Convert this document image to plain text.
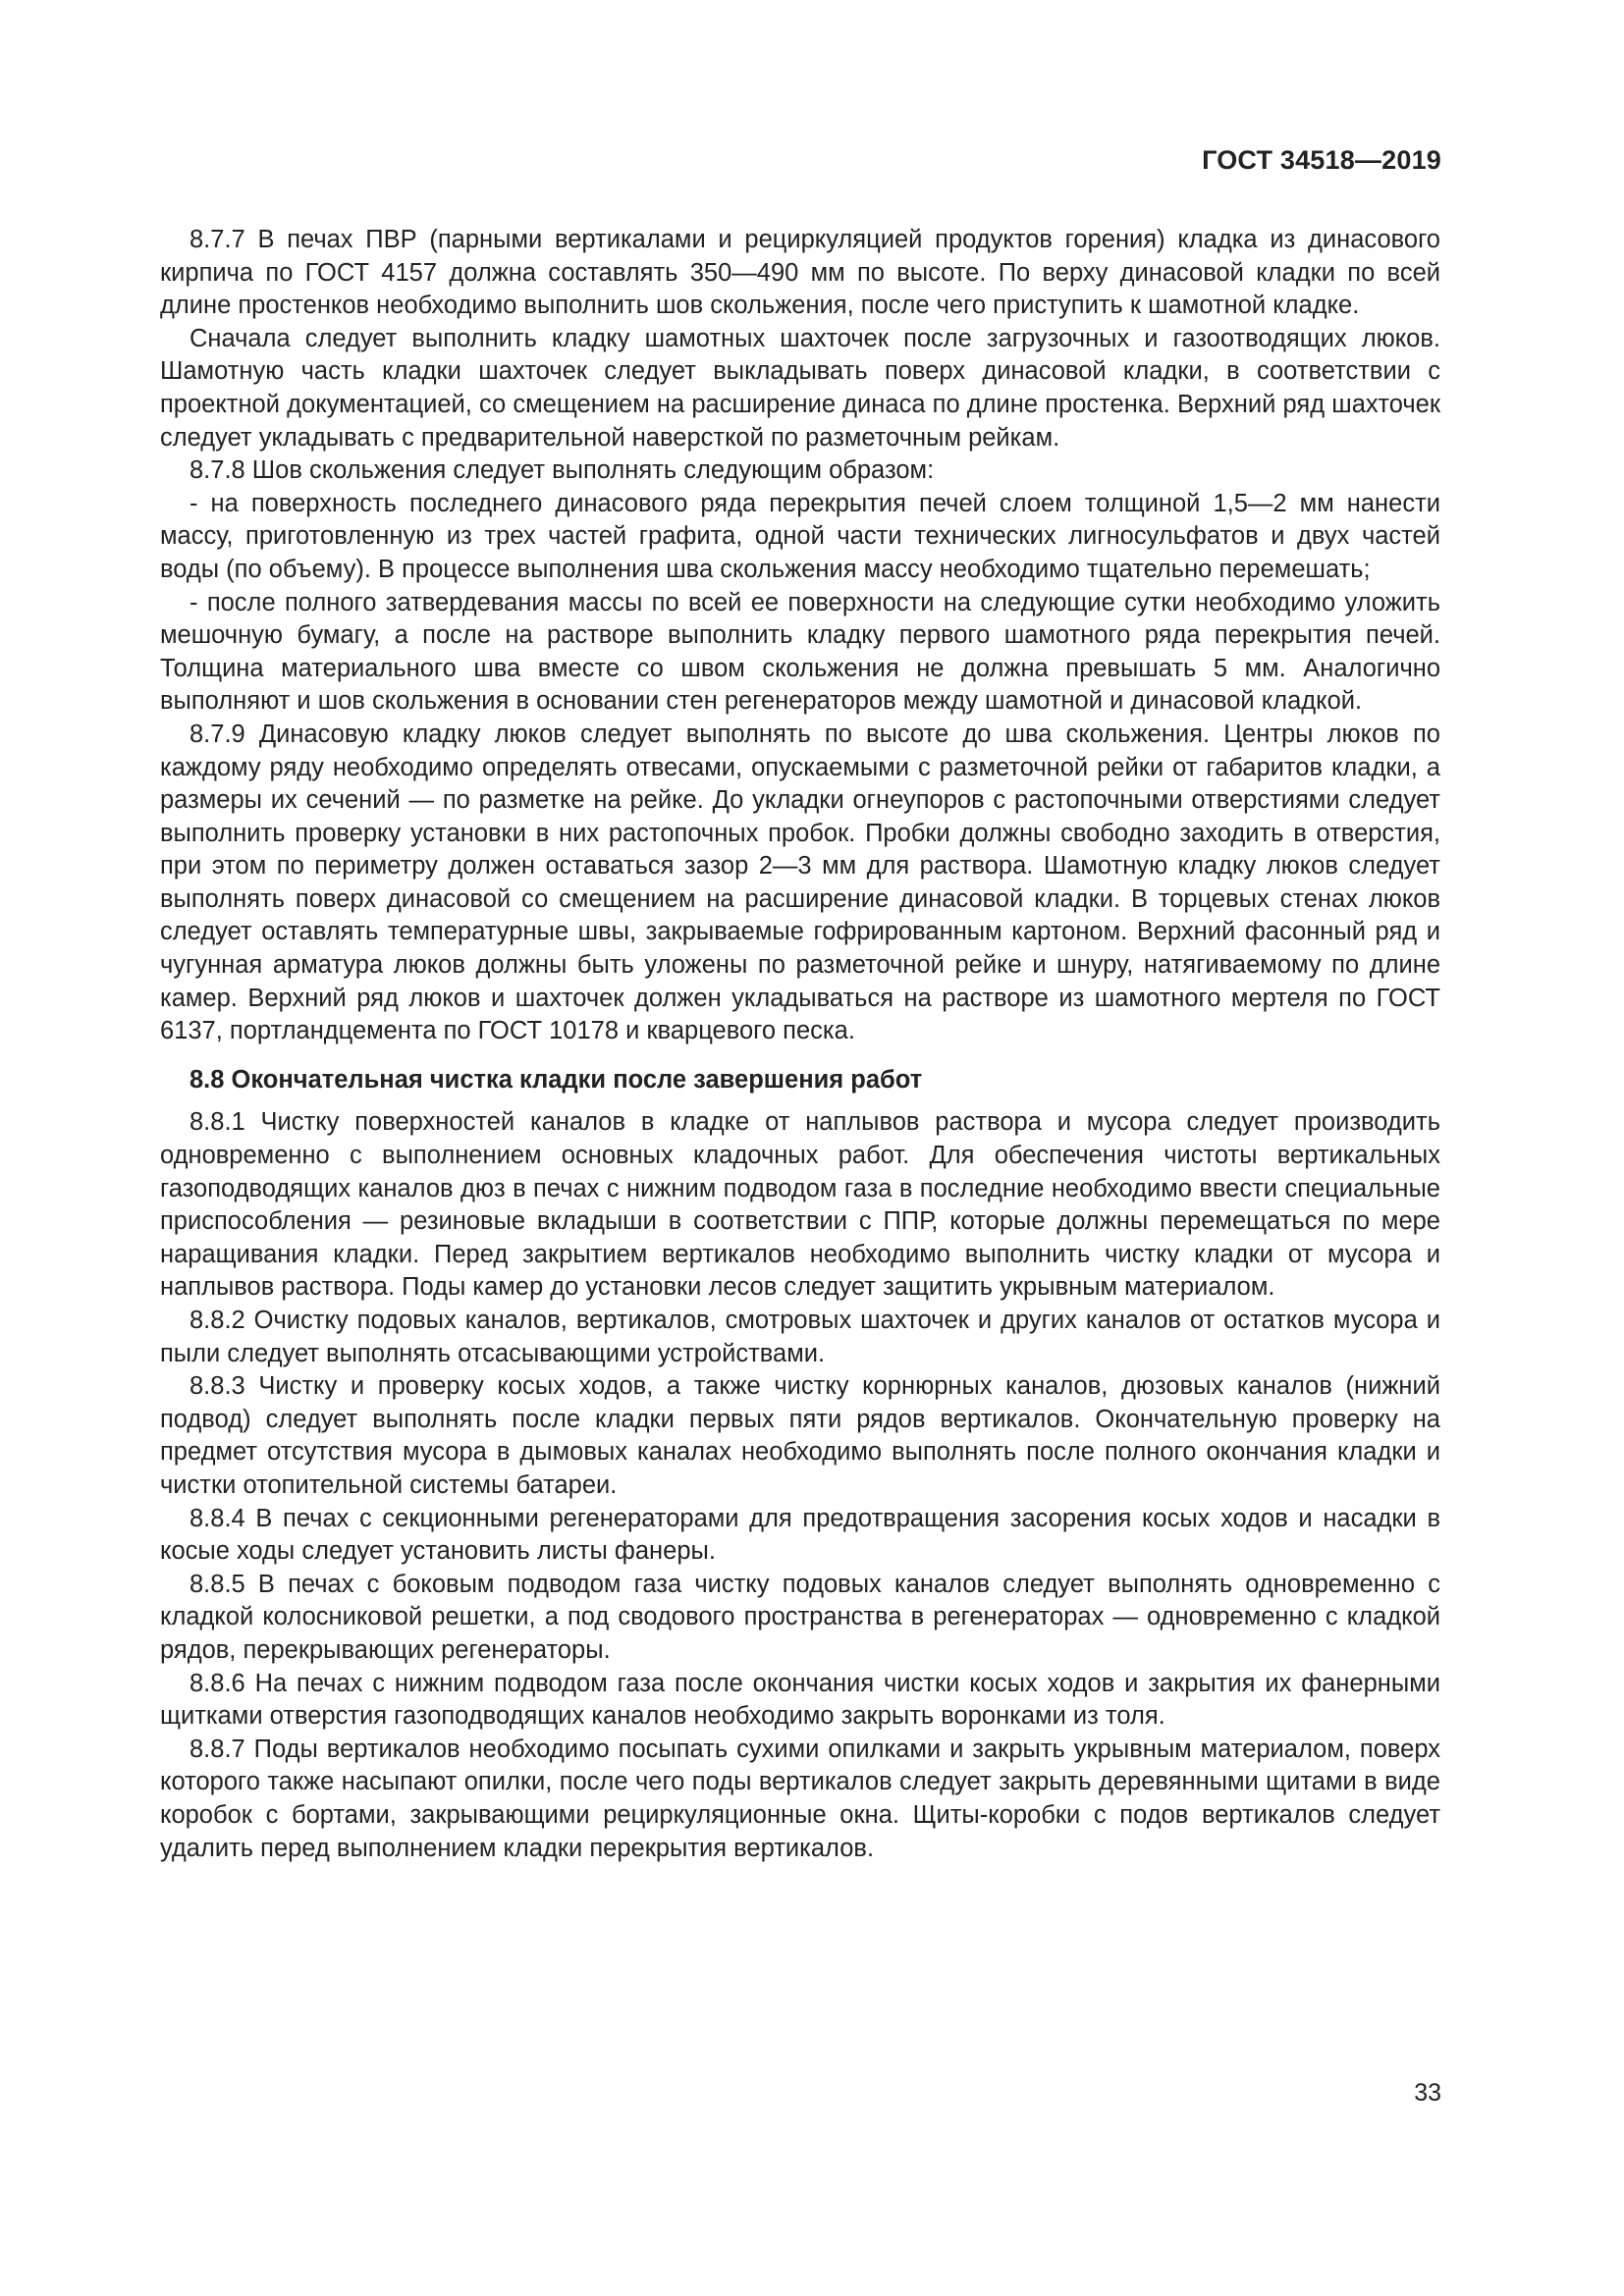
ГОСТ 34518—2019

8.7.7 В печах ПВР (парными вертикалами и рециркуляцией продуктов горения) кладка из динасового кирпича по ГОСТ 4157 должна составлять 350—490 мм по высоте. По верху динасовой кладки по всей длине простенков необходимо выполнить шов скольжения, после чего приступить к шамотной кладке.

Сначала следует выполнить кладку шамотных шахточек после загрузочных и газоотводящих люков. Шамотную часть кладки шахточек следует выкладывать поверх динасовой кладки, в соответствии с проектной документацией, со смещением на расширение динаса по длине простенка. Верхний ряд шахточек следует укладывать с предварительной наверсткой по разметочным рейкам.

8.7.8 Шов скольжения следует выполнять следующим образом:

- на поверхность последнего динасового ряда перекрытия печей слоем толщиной 1,5—2 мм нанести массу, приготовленную из трех частей графита, одной части технических лигносульфатов и двух частей воды (по объему). В процессе выполнения шва скольжения массу необходимо тщательно перемешать;

- после полного затвердевания массы по всей ее поверхности на следующие сутки необходимо уложить мешочную бумагу, а после на растворе выполнить кладку первого шамотного ряда перекрытия печей. Толщина материального шва вместе со швом скольжения не должна превышать 5 мм. Аналогично выполняют и шов скольжения в основании стен регенераторов между шамотной и динасовой кладкой.

8.7.9 Динасовую кладку люков следует выполнять по высоте до шва скольжения. Центры люков по каждому ряду необходимо определять отвесами, опускаемыми с разметочной рейки от габаритов кладки, а размеры их сечений — по разметке на рейке. До укладки огнеупоров с растопочными отверстиями следует выполнить проверку установки в них растопочных пробок. Пробки должны свободно заходить в отверстия, при этом по периметру должен оставаться зазор 2—3 мм для раствора. Шамотную кладку люков следует выполнять поверх динасовой со смещением на расширение динасовой кладки. В торцевых стенах люков следует оставлять температурные швы, закрываемые гофрированным картоном. Верхний фасонный ряд и чугунная арматура люков должны быть уложены по разметочной рейке и шнуру, натягиваемому по длине камер. Верхний ряд люков и шахточек должен укладываться на растворе из шамотного мертеля по ГОСТ 6137, портландцемента по ГОСТ 10178 и кварцевого песка.

8.8 Окончательная чистка кладки после завершения работ

8.8.1 Чистку поверхностей каналов в кладке от наплывов раствора и мусора следует производить одновременно с выполнением основных кладочных работ. Для обеспечения чистоты вертикальных газоподводящих каналов дюз в печах с нижним подводом газа в последние необходимо ввести специальные приспособления — резиновые вкладыши в соответствии с ППР, которые должны перемещаться по мере наращивания кладки. Перед закрытием вертикалов необходимо выполнить чистку кладки от мусора и наплывов раствора. Поды камер до установки лесов следует защитить укрывным материалом.

8.8.2 Очистку подовых каналов, вертикалов, смотровых шахточек и других каналов от остатков мусора и пыли следует выполнять отсасывающими устройствами.

8.8.3 Чистку и проверку косых ходов, а также чистку корнюрных каналов, дюзовых каналов (нижний подвод) следует выполнять после кладки первых пяти рядов вертикалов. Окончательную проверку на предмет отсутствия мусора в дымовых каналах необходимо выполнять после полного окончания кладки и чистки отопительной системы батареи.

8.8.4 В печах с секционными регенераторами для предотвращения засорения косых ходов и насадки в косые ходы следует установить листы фанеры.

8.8.5 В печах с боковым подводом газа чистку подовых каналов следует выполнять одновременно с кладкой колосниковой решетки, а под сводового пространства в регенераторах — одновременно с кладкой рядов, перекрывающих регенераторы.

8.8.6 На печах с нижним подводом газа после окончания чистки косых ходов и закрытия их фанерными щитками отверстия газоподводящих каналов необходимо закрыть воронками из толя.

8.8.7 Поды вертикалов необходимо посыпать сухими опилками и закрыть укрывным материалом, поверх которого также насыпают опилки, после чего поды вертикалов следует закрыть деревянными щитами в виде коробок с бортами, закрывающими рециркуляционные окна. Щиты-коробки с подов вертикалов следует удалить перед выполнением кладки перекрытия вертикалов.

33
